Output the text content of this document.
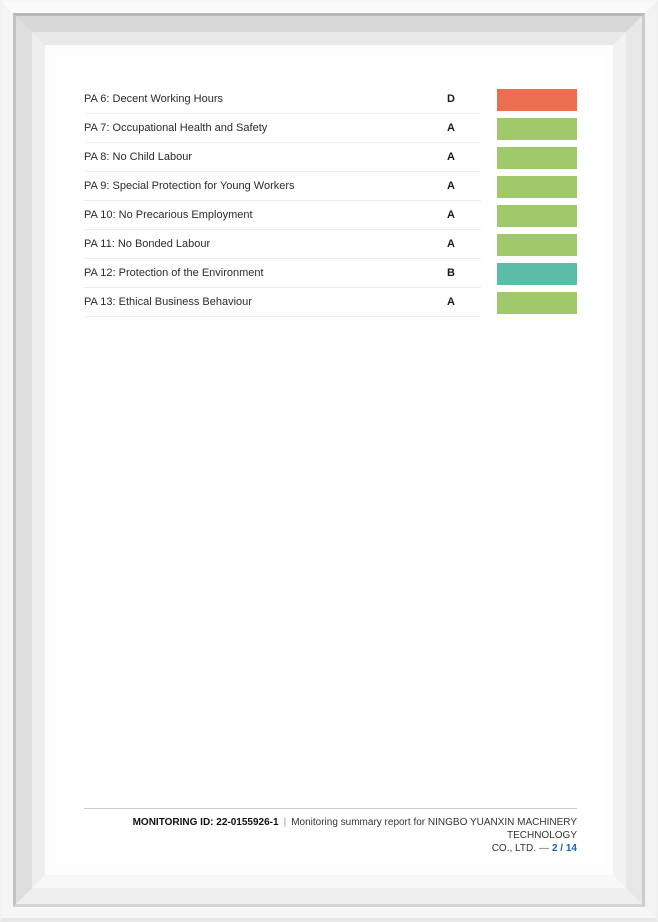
PA 6: Decent Working Hours	D
PA 7: Occupational Health and Safety	A
PA 8: No Child Labour	A
PA 9: Special Protection for Young Workers	A
PA 10: No Precarious Employment	A
PA 11: No Bonded Labour	A
PA 12: Protection of the Environment	B
PA 13: Ethical Business Behaviour	A
MONITORING ID: 22-0155926-1 | Monitoring summary report for NINGBO YUANXIN MACHINERY TECHNOLOGY
CO., LTD. — 2 / 14
